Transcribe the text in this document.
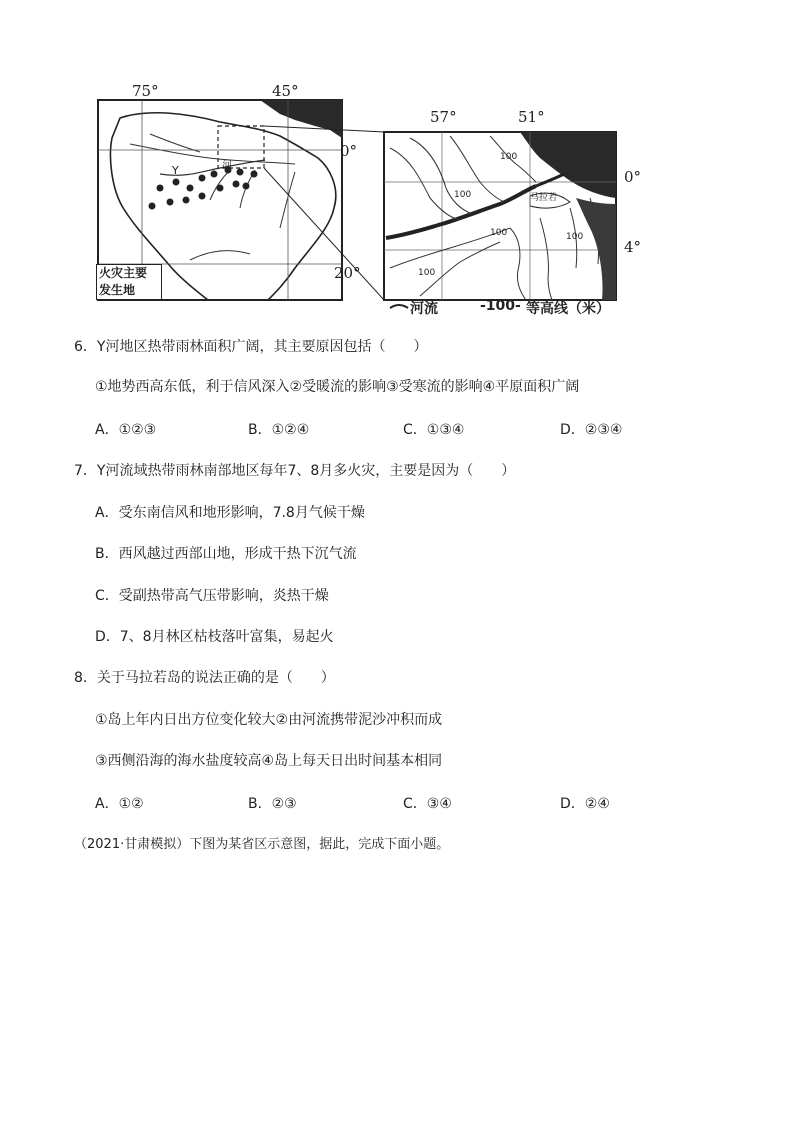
75°	45°
0°
20°
57°	51°
0°
4°
Y	河
马拉若
100
100
100	100
100
火灾主要
发生地
河流	-100- 等高线（米）
6．Y河地区热带雨林面积广阔，其主要原因包括（　　）
①地势西高东低，利于信风深入②受暖流的影响③受寒流的影响④平原面积广阔
A．①②③	B．①②④	C．①③④	D．②③④
7．Y河流域热带雨林南部地区每年7、8月多火灾，主要是因为（　　）
A．受东南信风和地形影响，7.8月气候干燥
B．西风越过西部山地，形成干热下沉气流
C．受副热带高气压带影响，炎热干燥
D．7、8月林区枯枝落叶富集，易起火
8．关于马拉若岛的说法正确的是（　　）
①岛上年内日出方位变化较大②由河流携带泥沙冲积而成
③西侧沿海的海水盐度较高④岛上每天日出时间基本相同
A．①②	B．②③	C．③④	D．②④
（2021·甘肃模拟）下图为某省区示意图，据此，完成下面小题。
